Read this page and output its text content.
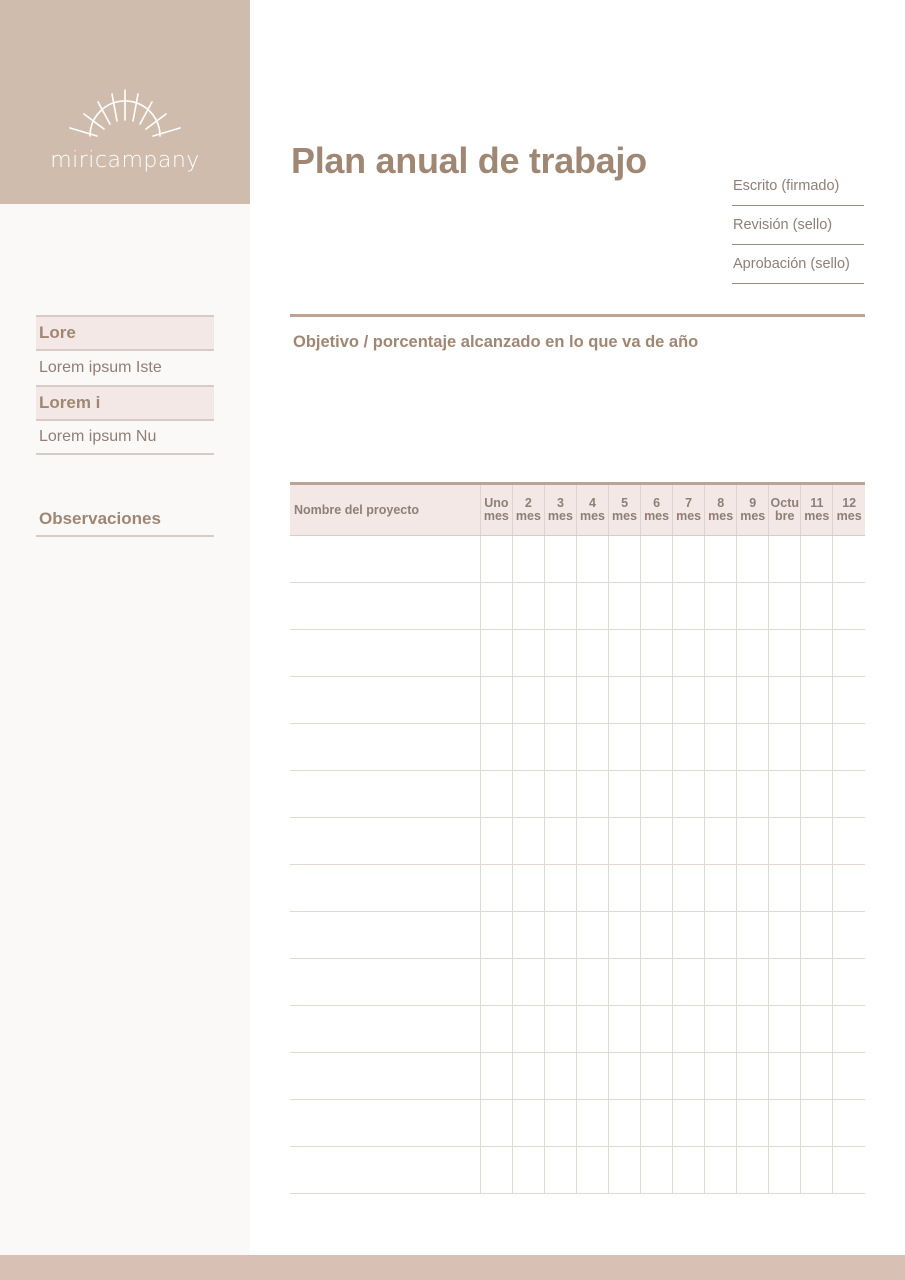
miricampany
Lore
Lorem ipsum Iste
Lorem i
Lorem ipsum Nu
Observaciones
Plan anual de trabajo
Escrito (firmado)
Revisión (sello)
Aprobación (sello)
Objetivo / porcentaje alcanzado en lo que va de año
Nombre del proyecto	Uno mes	2 mes	3 mes	4 mes	5 mes	6 mes	7 mes	8 mes	9 mes	Octubre	11 mes	12 mes
